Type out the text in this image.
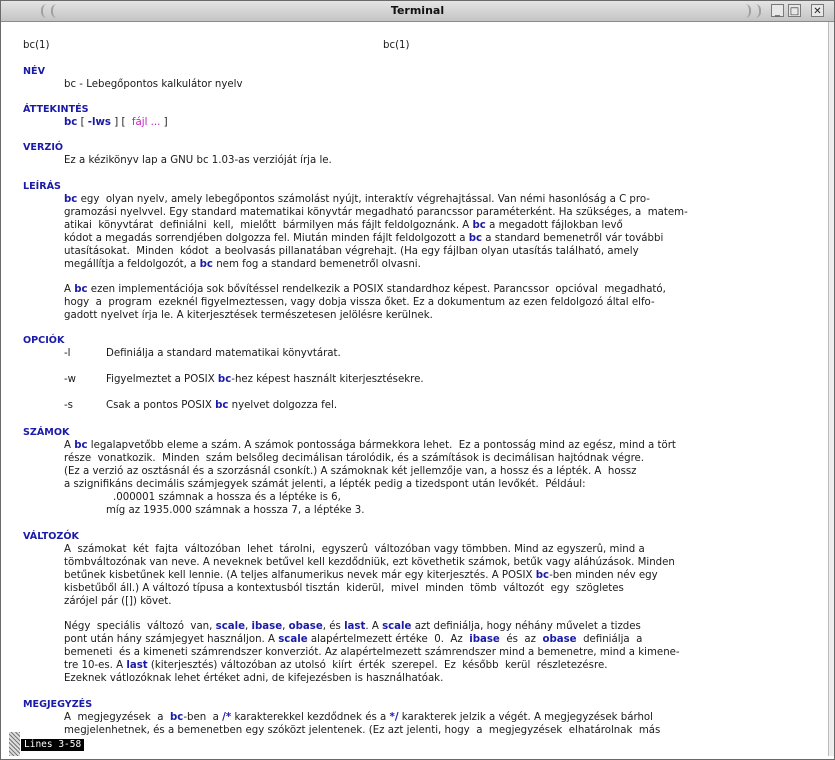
Terminal	_ □ ✕
bc(1)	bc(1)
NÉV
bc - Lebegőpontos kalkulátor nyelv
ÁTTEKINTÉS
bc [ -lws ] [  fájl ... ]
VERZIÓ
Ez a kézikönyv lap a GNU bc 1.03-as verzióját írja le.
LEÍRÁS
bc egy  olyan nyelv, amely lebegőpontos számolást nyújt, interaktív végrehajtással. Van némi hasonlóság a C pro-
gramozási nyelvvel. Egy standard matematikai könyvtár megadható parancssor paraméterként. Ha szükséges, a  matem-
atikai  könyvtárat  definiálni  kell,  mielőtt  bármilyen más fájlt feldolgoznánk. A bc a megadott fájlokban levő
kódot a megadás sorrendjében dolgozza fel. Miután minden fájlt feldolgozott a bc a standard bemenetről vár további
utasításokat.  Minden  kódot  a beolvasás pillanatában végrehajt. (Ha egy fájlban olyan utasítás található, amely
megállítja a feldolgozót, a bc nem fog a standard bemenetről olvasni.
A bc ezen implementációja sok bővítéssel rendelkezik a POSIX standardhoz képest. Parancssor  opcióval  megadható,
hogy  a  program  ezeknél figyelmeztessen, vagy dobja vissza őket. Ez a dokumentum az ezen feldolgozó által elfo-
gadott nyelvet írja le. A kiterjesztések természetesen jelölésre kerülnek.
OPCIÓK
-l	Definiálja a standard matematikai könyvtárat.
-w	Figyelmeztet a POSIX bc-hez képest használt kiterjesztésekre.
-s	Csak a pontos POSIX bc nyelvet dolgozza fel.
SZÁMOK
A bc legalapvetőbb eleme a szám. A számok pontossága bármekkora lehet.  Ez a pontosság mind az egész, mind a tört
része  vonatkozik.  Minden  szám belsőleg decimálisan tárolódik, és a számítások is decimálisan hajtódnak végre.
(Ez a verzió az osztásnál és a szorzásnál csonkít.) A számoknak két jellemzője van, a hossz és a lépték. A  hossz
a szignifikáns decimális számjegyek számát jelenti, a lépték pedig a tizedspont után levőkét.  Például:
.000001 számnak a hossza és a léptéke is 6,
míg az 1935.000 számnak a hossza 7, a léptéke 3.
VÁLTOZÓK
A  számokat  két  fajta  változóban  lehet  tárolni,  egyszerû  változóban vagy tömbben. Mind az egyszerû, mind a
tömbváltozónak van neve. A neveknek betűvel kell kezdődniük, ezt követhetik számok, betűk vagy aláhúzások. Minden
betűnek kisbetűnek kell lennie. (A teljes alfanumerikus nevek már egy kiterjesztés. A POSIX bc-ben minden név egy
kisbetűből áll.) A változó típusa a kontextusból tisztán  kiderül,  mivel  minden  tömb  változót  egy  szögletes
zárójel pár ([]) követ.
Négy  speciális  változó  van, scale, ibase, obase, és last. A scale azt definiálja, hogy néhány művelet a tizdes
pont után hány számjegyet használjon. A scale alapértelmezett értéke  0.  Az  ibase  és  az  obase  definiálja  a
bemeneti  és a kimeneti számrendszer konverziót. Az alapértelmezett számrendszer mind a bemenetre, mind a kimene-
tre 10-es. A last (kiterjesztés) változóban az utolsó  kiírt  érték  szerepel.  Ez  később  kerül  részletezésre.
Ezeknek vátlozóknak lehet értéket adni, de kifejezésben is használhatóak.
MEGJEGYZÉS
A  megjegyzések  a  bc-ben  a /* karakterekkel kezdődnek és a */ karakterek jelzik a végét. A megjegyzések bárhol
megjelenhetnek, és a bemenetben egy szóközt jelentenek. (Ez azt jelenti, hogy  a  megjegyzések  elhatárolnak  más
Lines 3-58
